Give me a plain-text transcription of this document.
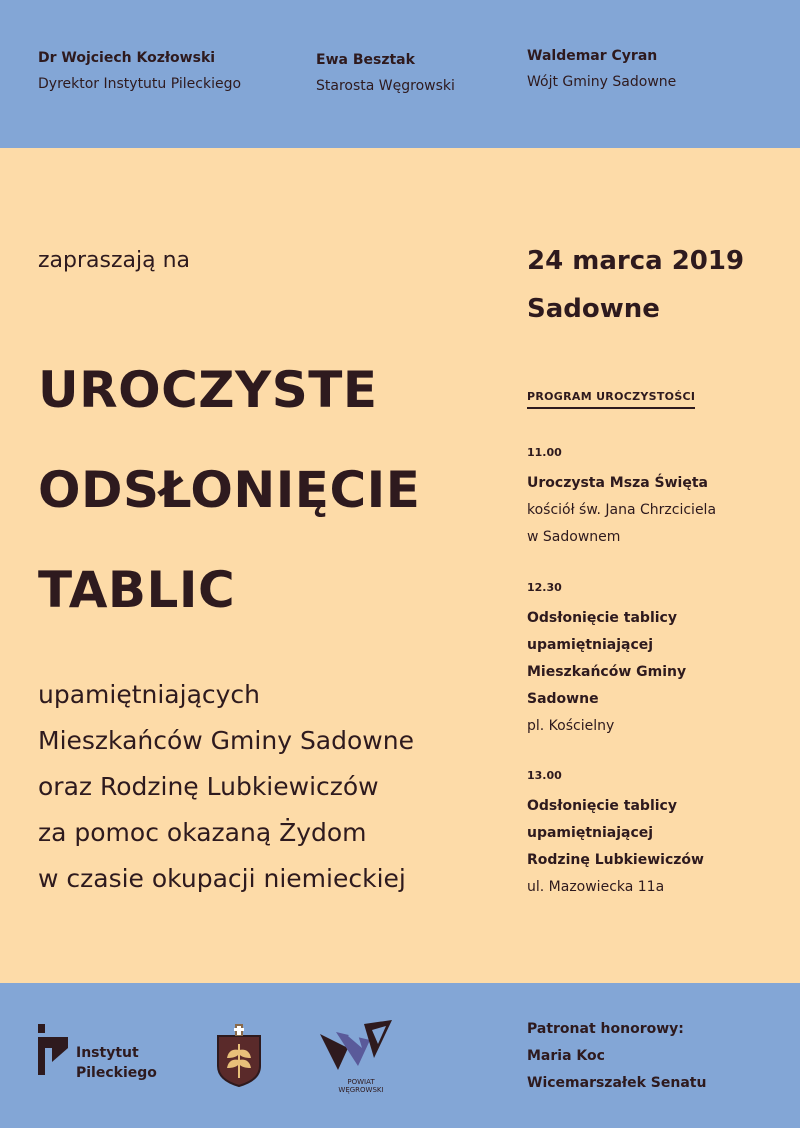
Dr Wojciech Kozłowski
Dyrektor Instytutu Pileckiego
Ewa Besztak
Starosta Węgrowski
Waldemar Cyran
Wójt Gminy Sadowne
zapraszają na
UROCZYSTE
ODSŁONIĘCIE
TABLIC
upamiętniających
Mieszkańców Gminy Sadowne
oraz Rodzinę Lubkiewiczów
za pomoc okazaną Żydom
w czasie okupacji niemieckiej
24 marca 2019
Sadowne
PROGRAM UROCZYSTOŚCI
11.00
Uroczysta Msza Święta
kościół św. Jana Chrzciciela
w Sadownem
12.30
Odsłonięcie tablicy
upamiętniającej
Mieszkańców Gminy
Sadowne
pl. Kościelny
13.00
Odsłonięcie tablicy
upamiętniającej
Rodzinę Lubkiewiczów
ul. Mazowiecka 11a
Instytut
Pileckiego
POWIAT
WĘGROWSKI
Patronat honorowy:
Maria Koc
Wicemarszałek Senatu
